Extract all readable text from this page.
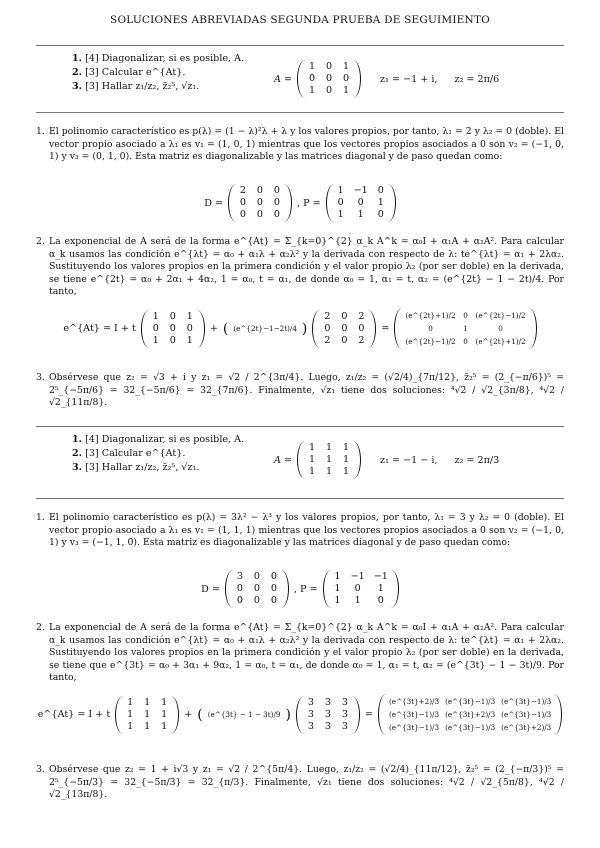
SOLUCIONES ABREVIADAS SEGUNDA PRUEBA DE SEGUIMIENTO
1. [4] Diagonalizar, si es posible, A.
2. [3] Calcular e^{At}.
3. [3] Hallar z₁/z₂, z̄₂⁵, √z₁.
A =
1 0 1
0 0 0
1 0 1
z₁ = −1 + i, z₂ = 2π/6
1. El polinomio característico es p(λ) = (1 − λ)²λ + λ y los valores propios, por tanto, λ₁ = 2 y λ₂ = 0 (doble). El vector propio asociado a λ₁ es v₁ = (1, 0, 1) mientras que los vectores propios asociados a 0 son v₂ = (−1, 0, 1) y v₃ = (0, 1, 0). Esta matriz es diagonalizable y las matrices diagonal y de paso quedan como:
D =
2 0 0
0 0 0
0 0 0
, P =
1 −1 0
0	0	1
1	1	0
2. La exponencial de A será de la forma e^{At} = Σ_{k=0}^{2} α_k A^k = α₀I + α₁A + α₂A². Para calcular α_k usamos las condición e^{λt} = α₀ + α₁λ + α₂λ² y la derivada con respecto de λ: te^{λt} = α₁ + 2λα₂. Sustituyendo los valores propios en la primera condición y el valor propio λ₂ (por ser doble) en la derivada, se tiene e^{2t} = α₀ + 2α₁ + 4α₂, 1 = α₀, t = α₁, de donde α₀ = 1, α₁ = t, α₂ = (e^{2t} − 1 − 2t)/4. Por tanto,
e^{At} = I + t
1 0 1
0 0 0
1 0 1
+ ( (e^{2t}−1−2t)/4 )
2 0 2
0 0 0
2 0 2
=
(e^{2t}+1)/2 0 (e^{2t}−1)/2
0	1	0
(e^{2t}−1)/2 0 (e^{2t}+1)/2
3. Obsérvese que z₂ = √3 + i y z₁ = √2 / 2^{3π/4}. Luego, z₁/z₂ = (√2/4)_{7π/12}, z̄₂⁵ = (2_{−π/6})⁵ = 2⁵_{−5π/6} = 32_{−5π/6} = 32_{7π/6}. Finalmente, √z₁ tiene dos soluciones: ⁴√2 / √2_{3π/8}, ⁴√2 / √2_{11π/8}.
1. [4] Diagonalizar, si es posible, A.
2. [3] Calcular e^{At}.
3. [3] Hallar z₁/z₂, z̄₂⁵, √z₁.
A =
1 1 1
1 1 1
1 1 1
z₁ = −1 − i, z₂ = 2π/3
1. El polinomio característico es p(λ) = 3λ² − λ³ y los valores propios, por tanto, λ₁ = 3 y λ₂ = 0 (doble). El vector propio asociado a λ₁ es v₁ = (1, 1, 1) mientras que los vectores propios asociados a 0 son v₂ = (−1, 0, 1) y v₃ = (−1, 1, 0). Esta matriz es diagonalizable y las matrices diagonal y de paso quedan como:
D =
3 0 0
0 0 0
0 0 0
, P =
1 −1 −1
1	0	1
1	1	0
2. La exponencial de A será de la forma e^{At} = Σ_{k=0}^{2} α_k A^k = α₀I + α₁A + α₂A². Para calcular α_k usamos las condición e^{λt} = α₀ + α₁λ + α₂λ² y la derivada con respecto de λ: te^{λt} = α₁ + 2λα₂. Sustituyendo los valores propios en la primera condición y el valor propio λ₂ (por ser doble) en la derivada, se tiene que e^{3t} = α₀ + 3α₁ + 9α₂, 1 = α₀, t = α₁, de donde α₀ = 1, α₁ = t, α₂ = (e^{3t} − 1 − 3t)/9. Por tanto,
e^{At} = I + t
1 1 1
1 1 1
1 1 1
+ ( (e^{3t} − 1 − 3t)/9 )
3 3 3
3 3 3
3 3 3
=
(e^{3t}+2)/3 (e^{3t}−1)/3 (e^{3t}−1)/3
(e^{3t}−1)/3 (e^{3t}+2)/3 (e^{3t}−1)/3
(e^{3t}−1)/3 (e^{3t}−1)/3 (e^{3t}+2)/3
3. Obsérvese que z₂ = 1 + i√3 y z₁ = √2 / 2^{5π/4}. Luego, z₁/z₂ = (√2/4)_{11π/12}, z̄₂⁵ = (2_{−π/3})⁵ = 2⁵_{−5π/3} = 32_{−5π/3} = 32_{π/3}. Finalmente, √z₁ tiene dos soluciones: ⁴√2 / √2_{5π/8}, ⁴√2 / √2_{13π/8}.
